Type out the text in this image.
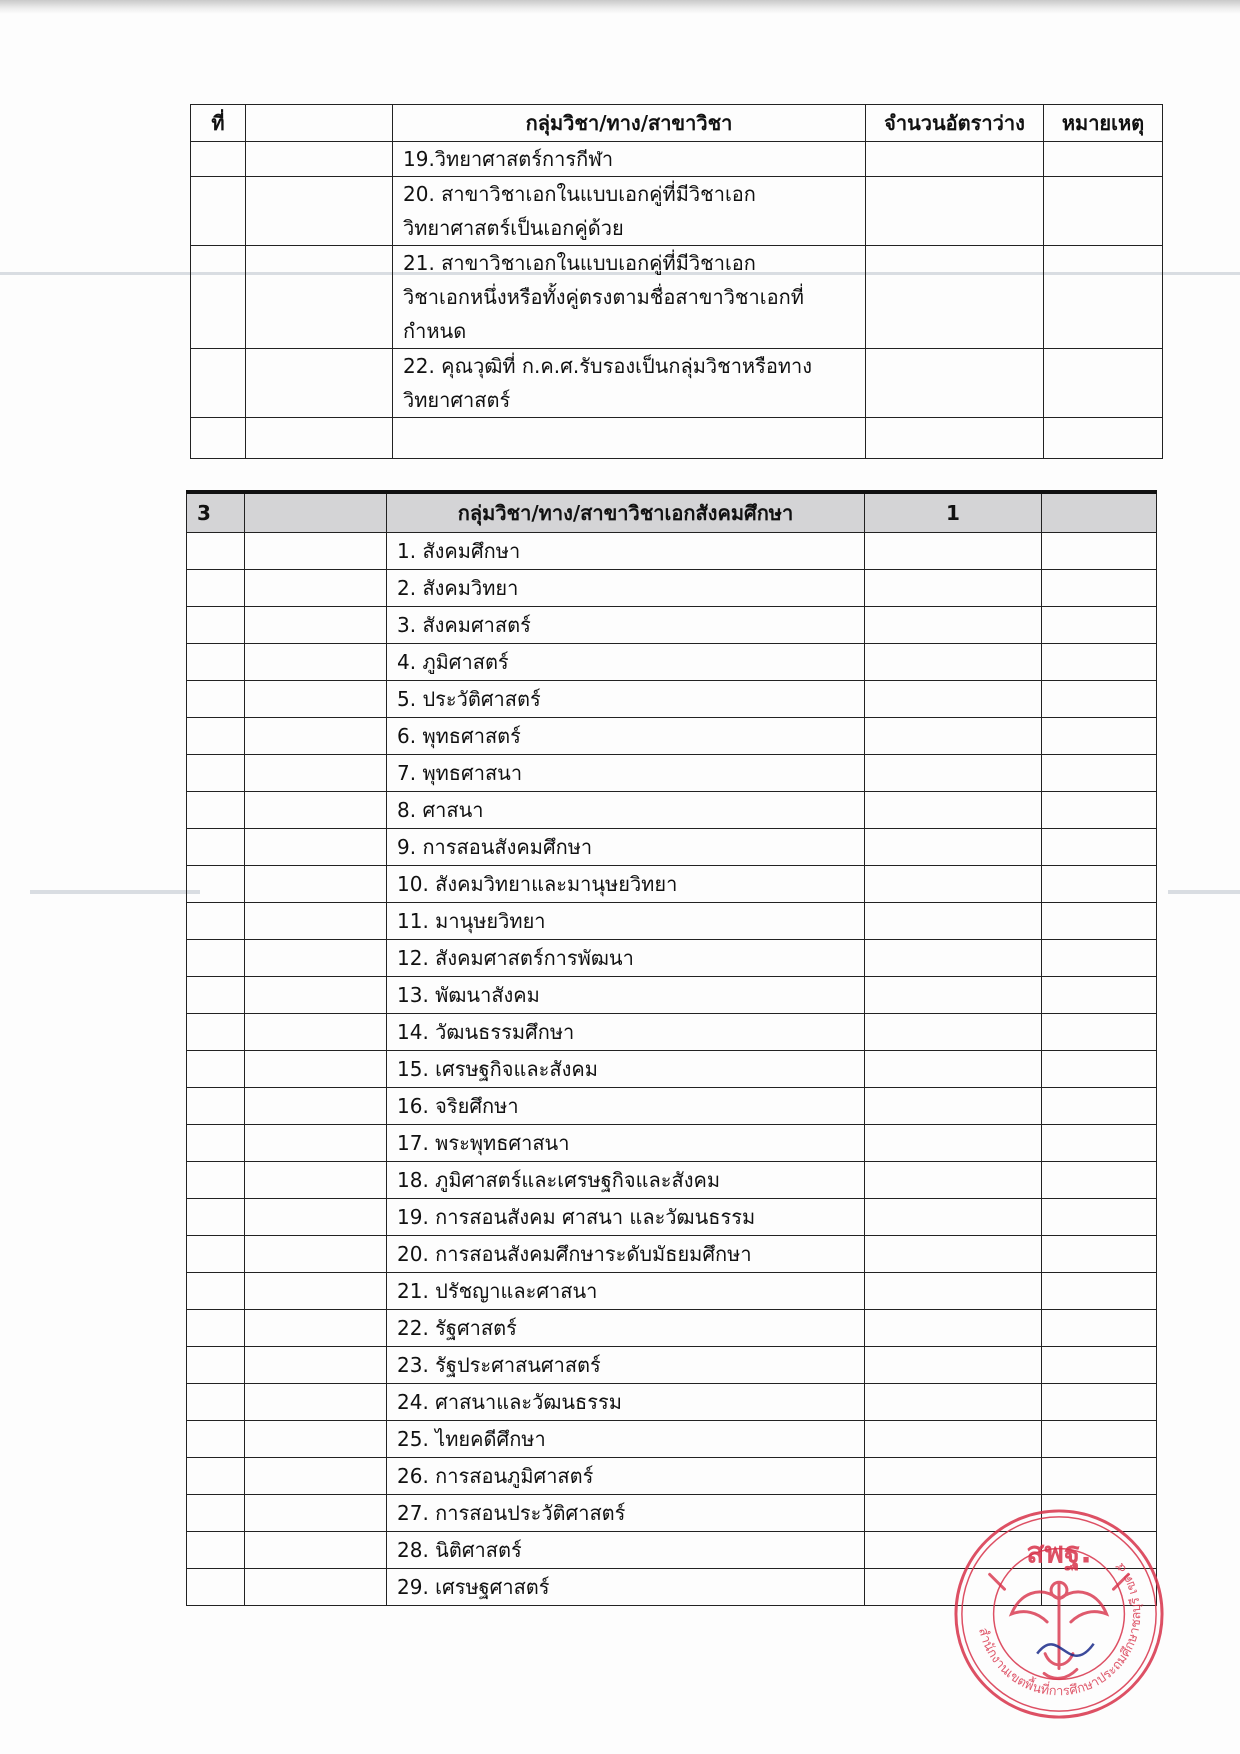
ที่		กลุ่มวิชา/ทาง/สาขาวิชา	จำนวนอัตราว่าง	หมายเหตุ

		19.วิทยาศาสตร์การกีฬา		

		20. สาขาวิชาเอกในแบบเอกคู่ที่มีวิชาเอก
วิทยาศาสตร์เป็นเอกคู่ด้วย		

		21. สาขาวิชาเอกในแบบเอกคู่ที่มีวิชาเอก
วิชาเอกหนึ่งหรือทั้งคู่ตรงตามชื่อสาขาวิชาเอกที่
กำหนด		

		22. คุณวุฒิที่ ก.ค.ศ.รับรองเป็นกลุ่มวิชาหรือทาง
วิทยาศาสตร์		

3		กลุ่มวิชา/ทาง/สาขาวิชาเอกสังคมศึกษา	1	
		1. สังคมศึกษา		
		2. สังคมวิทยา		
		3. สังคมศาสตร์		
		4. ภูมิศาสตร์		
		5. ประวัติศาสตร์		
		6. พุทธศาสตร์		
		7. พุทธศาสนา		
		8. ศาสนา		
		9. การสอนสังคมศึกษา		
		10. สังคมวิทยาและมานุษยวิทยา		
		11. มานุษยวิทยา		
		12. สังคมศาสตร์การพัฒนา		
		13. พัฒนาสังคม		
		14. วัฒนธรรมศึกษา		
		15. เศรษฐกิจและสังคม		
		16. จริยศึกษา		
		17. พระพุทธศาสนา		
		18. ภูมิศาสตร์และเศรษฐกิจและสังคม		
		19. การสอนสังคม ศาสนา และวัฒนธรรม		
		20. การสอนสังคมศึกษาระดับมัธยมศึกษา		
		21. ปรัชญาและศาสนา		
		22. รัฐศาสตร์		
		23. รัฐประศาสนศาสตร์		
		24. ศาสนาและวัฒนธรรม		
		25. ไทยคดีศึกษา		
		26. การสอนภูมิศาสตร์		
		27. การสอนประวัติศาสตร์		
		28. นิติศาสตร์		
		29. เศรษฐศาสตร์		
สำนักงานเขตพื้นที่การศึกษาประถมศึกษาชลบุรี เขต ๕
สพฐ.
